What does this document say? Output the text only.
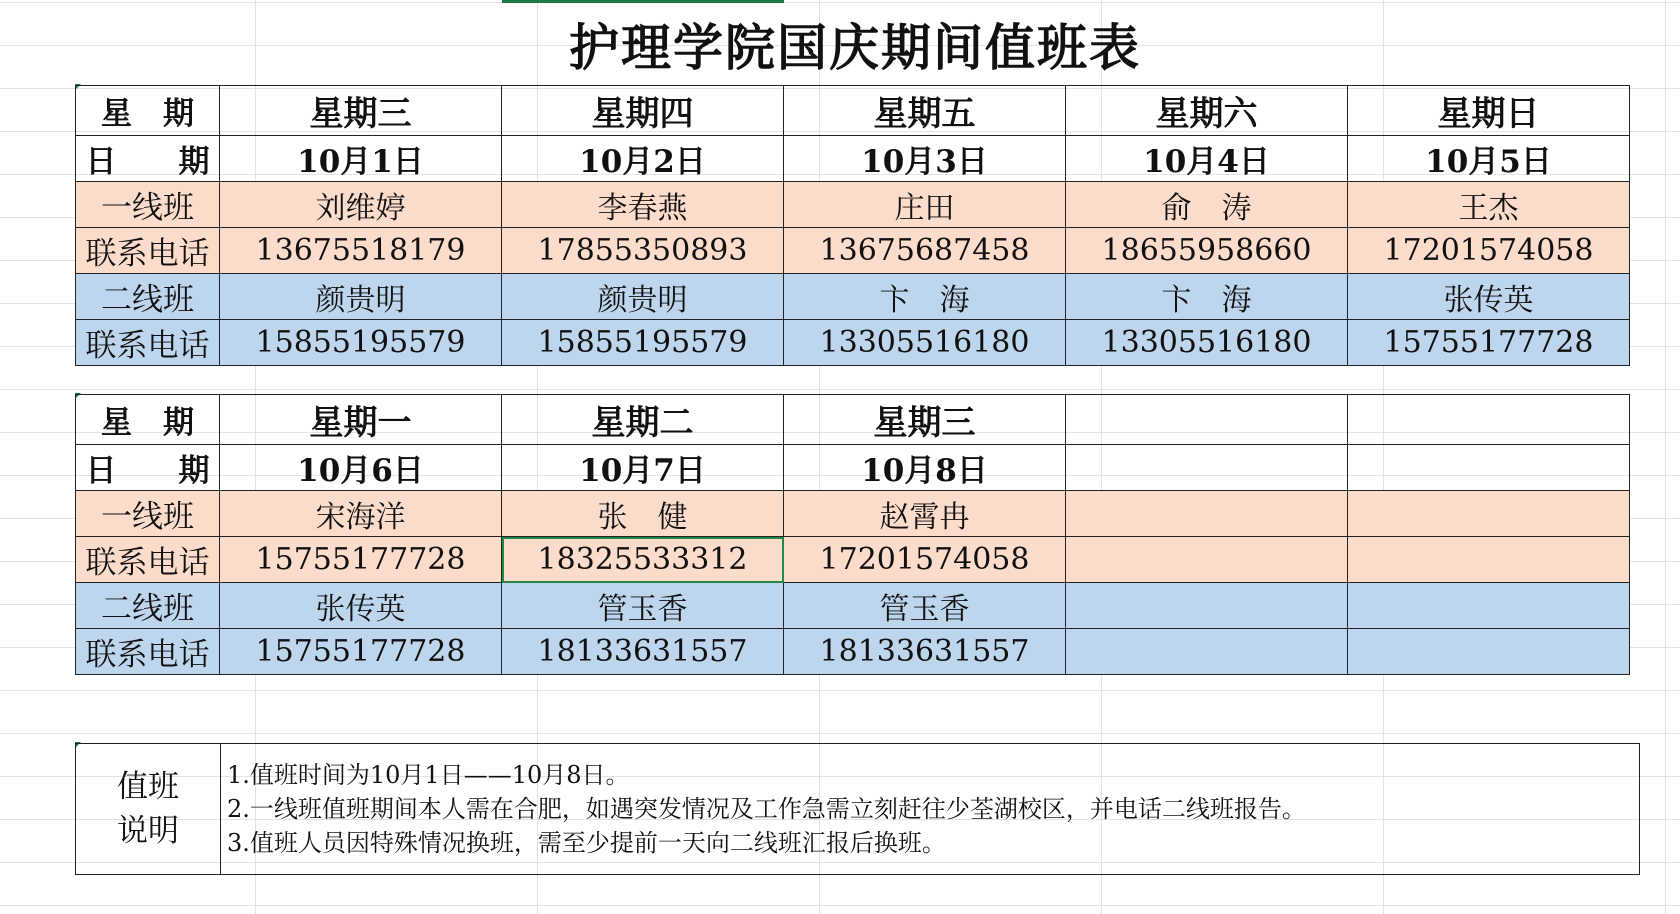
护理学院国庆期间值班表
星　期	星期三	星期四	星期五	星期六	星期日
日　　期	10月1日	10月2日	10月3日	10月4日	10月5日
一线班	刘维婷	李春燕	庄田	俞　涛	王杰
联系电话	13675518179	17855350893	13675687458	18655958660	17201574058
二线班	颜贵明	颜贵明	卞　海	卞　海	张传英
联系电话	15855195579	15855195579	13305516180	13305516180	15755177728
星　期	星期一	星期二	星期三		
日　　期	10月6日	10月7日	10月8日		
一线班	宋海洋	张　健	赵霄冉		
联系电话	15755177728	18325533312	17201574058		
二线班	张传英	管玉香	管玉香		
联系电话	15755177728	18133631557	18133631557		
值班
说明

1.值班时间为10月1日——10月8日。
2.一线班值班期间本人需在合肥，如遇突发情况及工作急需立刻赶往少荃湖校区，并电话二线班报告。
3.值班人员因特殊情况换班，需至少提前一天向二线班汇报后换班。
